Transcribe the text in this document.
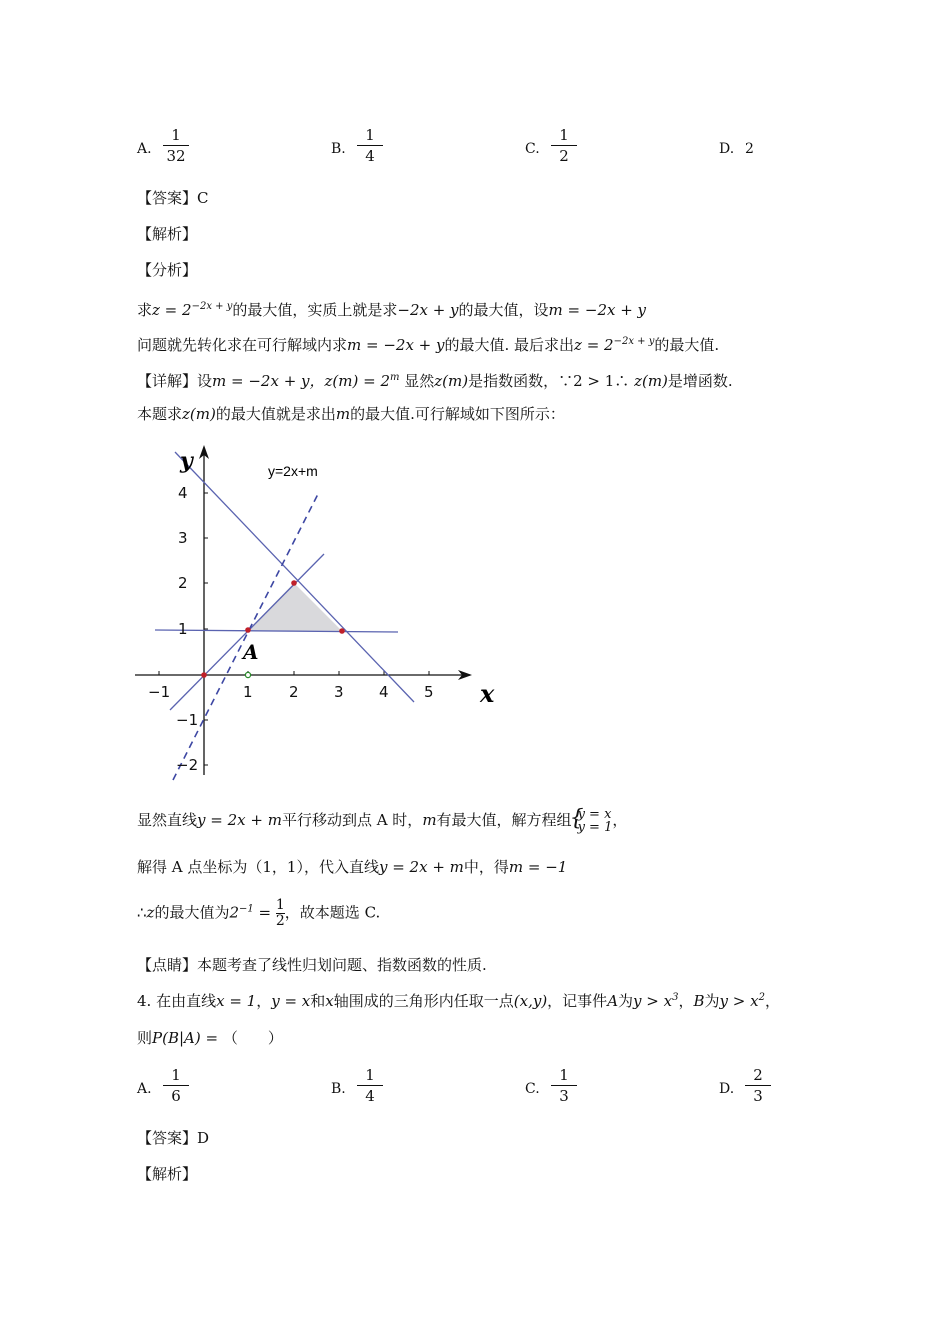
A.
1
32	B.
1
4	C.
1
2	D. 2
【答案】C
【解析】
【分析】
求$z = 2^{-2x + y}$的最大值，实质上就是求−2x + y的最大值，设m = −2x + y
问题就先转化求在可行解域内求m = −2x + y的最大值. 最后求出$z = 2^{-2x + y}$的最大值.
【详解】设m = −2x + y，$z(m) = 2^m$ 显然z(m)是指数函数，∵2 > 1∴ z(m)是增函数.
本题求z(m)的最大值就是求出m的最大值.可行解域如下图所示：
y
x
y=2x+m
A
−1	1 2 3 4 5
4
3
2
1
−1
−2
显然直线y = 2x + m平行移动到点 A 时，m有最大值，解方程组
{ y = x
y = 1 ，
解得 A 点坐标为（1，1），代入直线y = 2x + m中，得m = −1
∴z的最大值为$2^{-1} = \frac{1}{2}$ ，故本题选 C.
【点睛】本题考查了线性归划问题、指数函数的性质.
4. 在由直线x = 1，y = x和x轴围成的三角形内任取一点(x,y)，记事件A为$y > x^3$，B为$y > x^2$，
则P(B|A) = （　　）
A.
1
6	B.
1
4	C.
1
3	D.
2
3
【答案】D
【解析】
